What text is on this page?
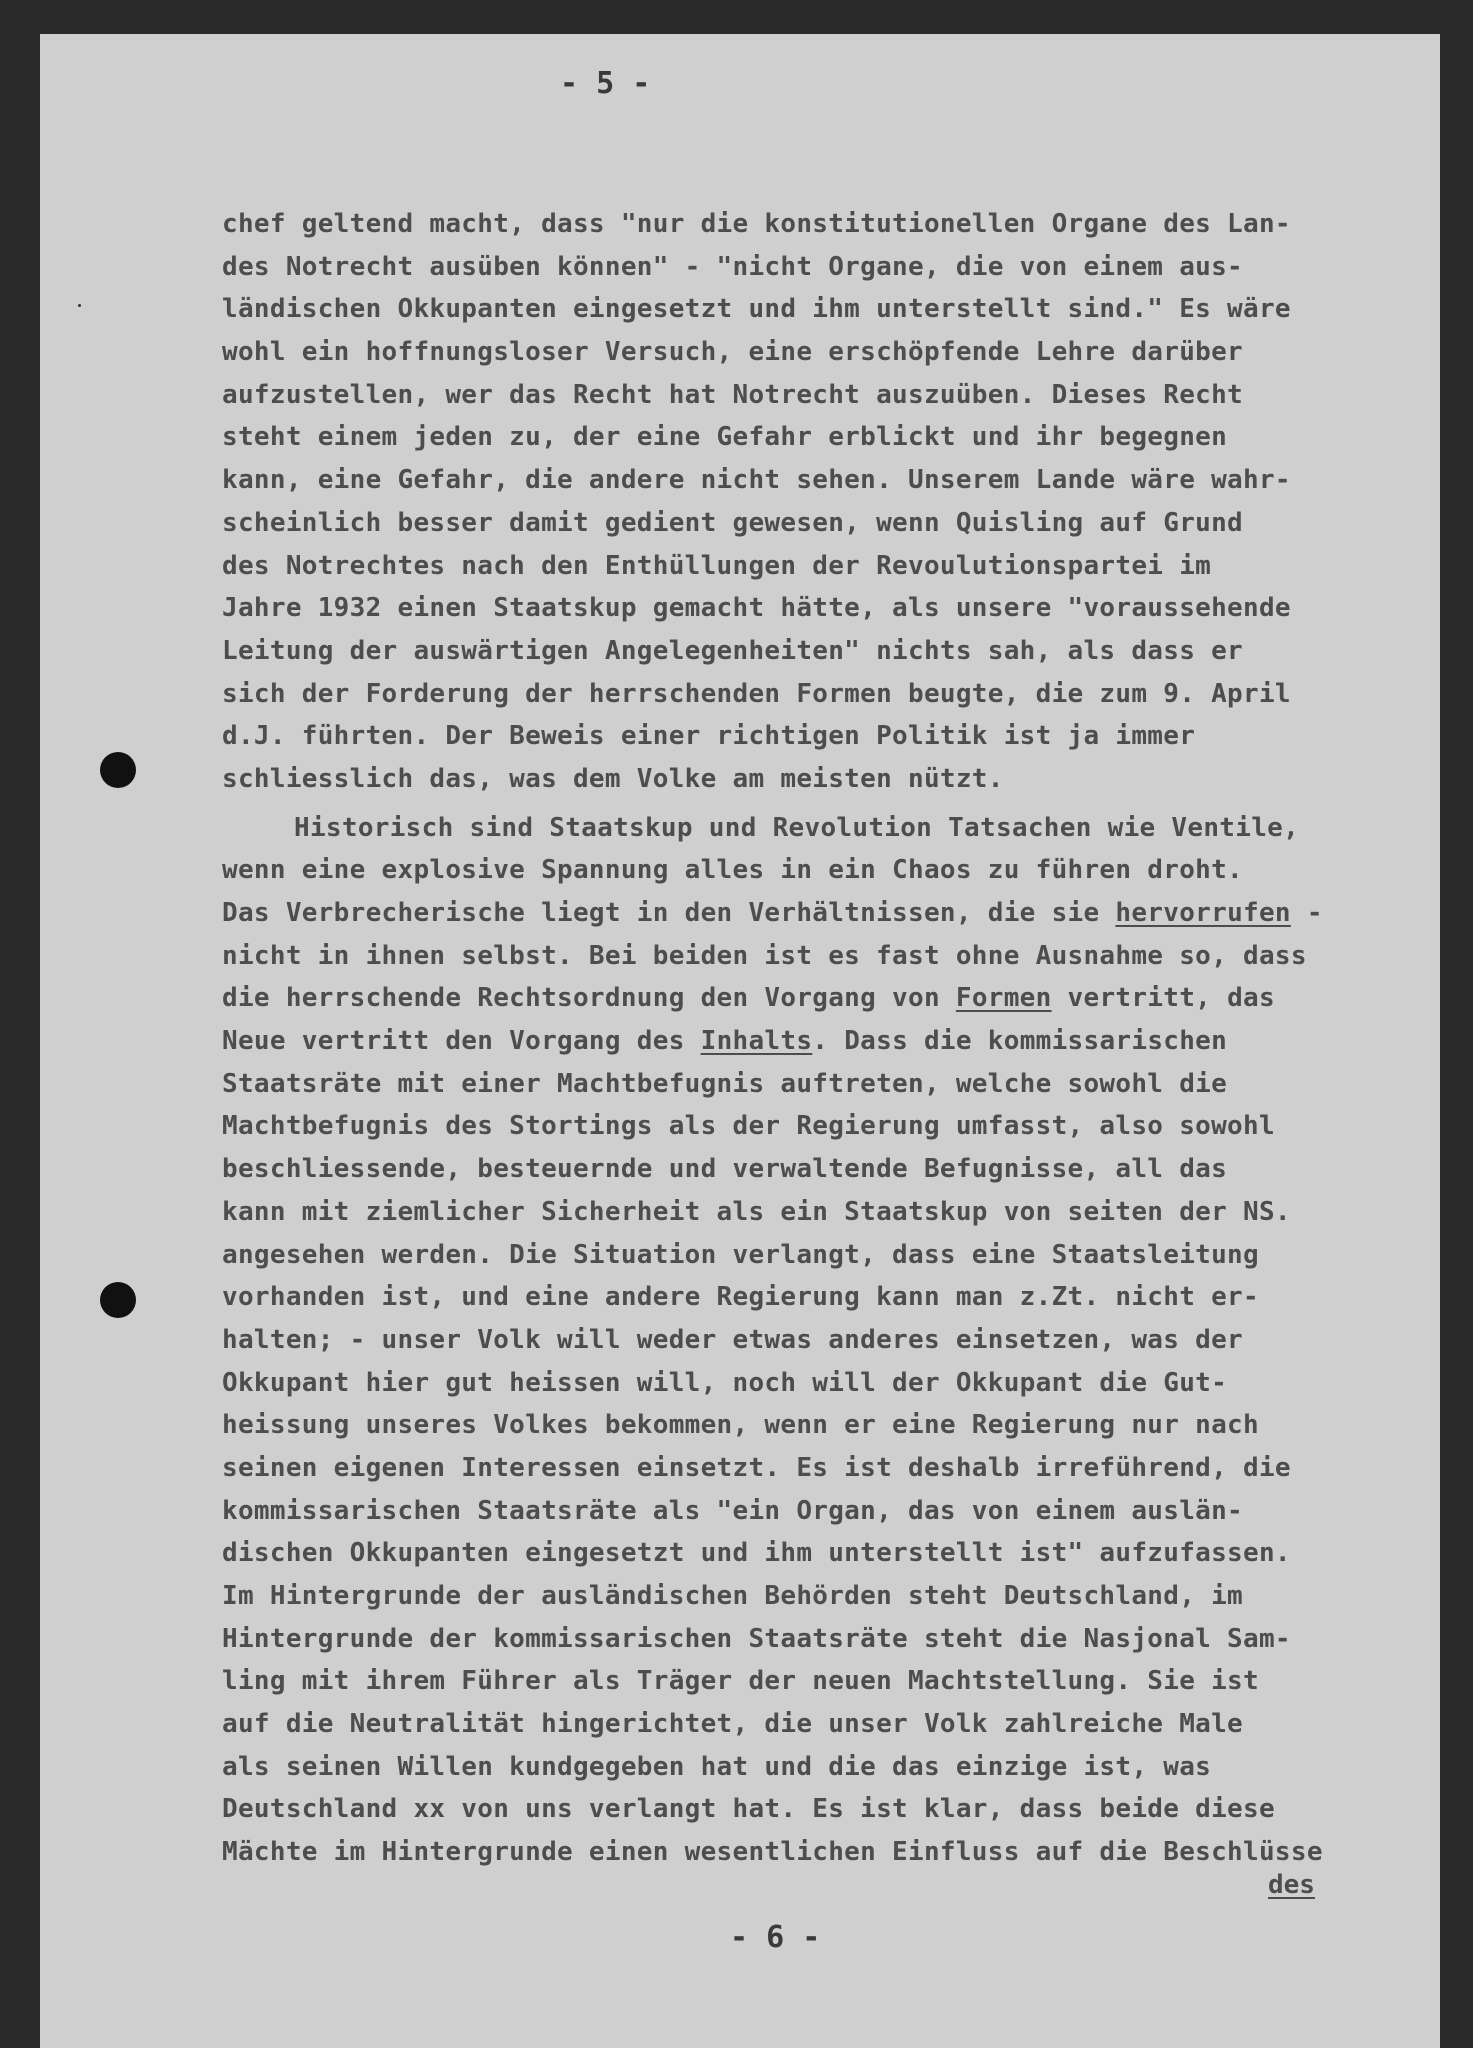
- 5 -
chef geltend macht, dass "nur die konstitutionellen Organe des Lan-
des Notrecht ausüben können" - "nicht Organe, die von einem aus-
ländischen Okkupanten eingesetzt und ihm unterstellt sind." Es wäre
wohl ein hoffnungsloser Versuch, eine erschöpfende Lehre darüber
aufzustellen, wer das Recht hat Notrecht auszuüben. Dieses Recht
steht einem jeden zu, der eine Gefahr erblickt und ihr begegnen
kann, eine Gefahr, die andere nicht sehen. Unserem Lande wäre wahr-
scheinlich besser damit gedient gewesen, wenn Quisling auf Grund
des Notrechtes nach den Enthüllungen der Revoulutionspartei im
Jahre 1932 einen Staatskup gemacht hätte, als unsere "voraussehende
Leitung der auswärtigen Angelegenheiten" nichts sah, als dass er
sich der Forderung der herrschenden Formen beugte, die zum 9. April
d.J. führten. Der Beweis einer richtigen Politik ist ja immer
schliesslich das, was dem Volke am meisten nützt.
Historisch sind Staatskup und Revolution Tatsachen wie Ventile,
wenn eine explosive Spannung alles in ein Chaos zu führen droht.
Das Verbrecherische liegt in den Verhältnissen, die sie hervorrufen -
nicht in ihnen selbst. Bei beiden ist es fast ohne Ausnahme so, dass
die herrschende Rechtsordnung den Vorgang von Formen vertritt, das
Neue vertritt den Vorgang des Inhalts. Dass die kommissarischen
Staatsräte mit einer Machtbefugnis auftreten, welche sowohl die
Machtbefugnis des Stortings als der Regierung umfasst, also sowohl
beschliessende, besteuernde und verwaltende Befugnisse, all das
kann mit ziemlicher Sicherheit als ein Staatskup von seiten der NS.
angesehen werden. Die Situation verlangt, dass eine Staatsleitung
vorhanden ist, und eine andere Regierung kann man z.Zt. nicht er-
halten; - unser Volk will weder etwas anderes einsetzen, was der
Okkupant hier gut heissen will, noch will der Okkupant die Gut-
heissung unseres Volkes bekommen, wenn er eine Regierung nur nach
seinen eigenen Interessen einsetzt. Es ist deshalb irreführend, die
kommissarischen Staatsräte als "ein Organ, das von einem auslän-
dischen Okkupanten eingesetzt und ihm unterstellt ist" aufzufassen.
Im Hintergrunde der ausländischen Behörden steht Deutschland, im
Hintergrunde der kommissarischen Staatsräte steht die Nasjonal Sam-
ling mit ihrem Führer als Träger der neuen Machtstellung. Sie ist
auf die Neutralität hingerichtet, die unser Volk zahlreiche Male
als seinen Willen kundgegeben hat und die das einzige ist, was
Deutschland xx von uns verlangt hat. Es ist klar, dass beide diese
Mächte im Hintergrunde einen wesentlichen Einfluss auf die Beschlüsse
des
- 6 -
